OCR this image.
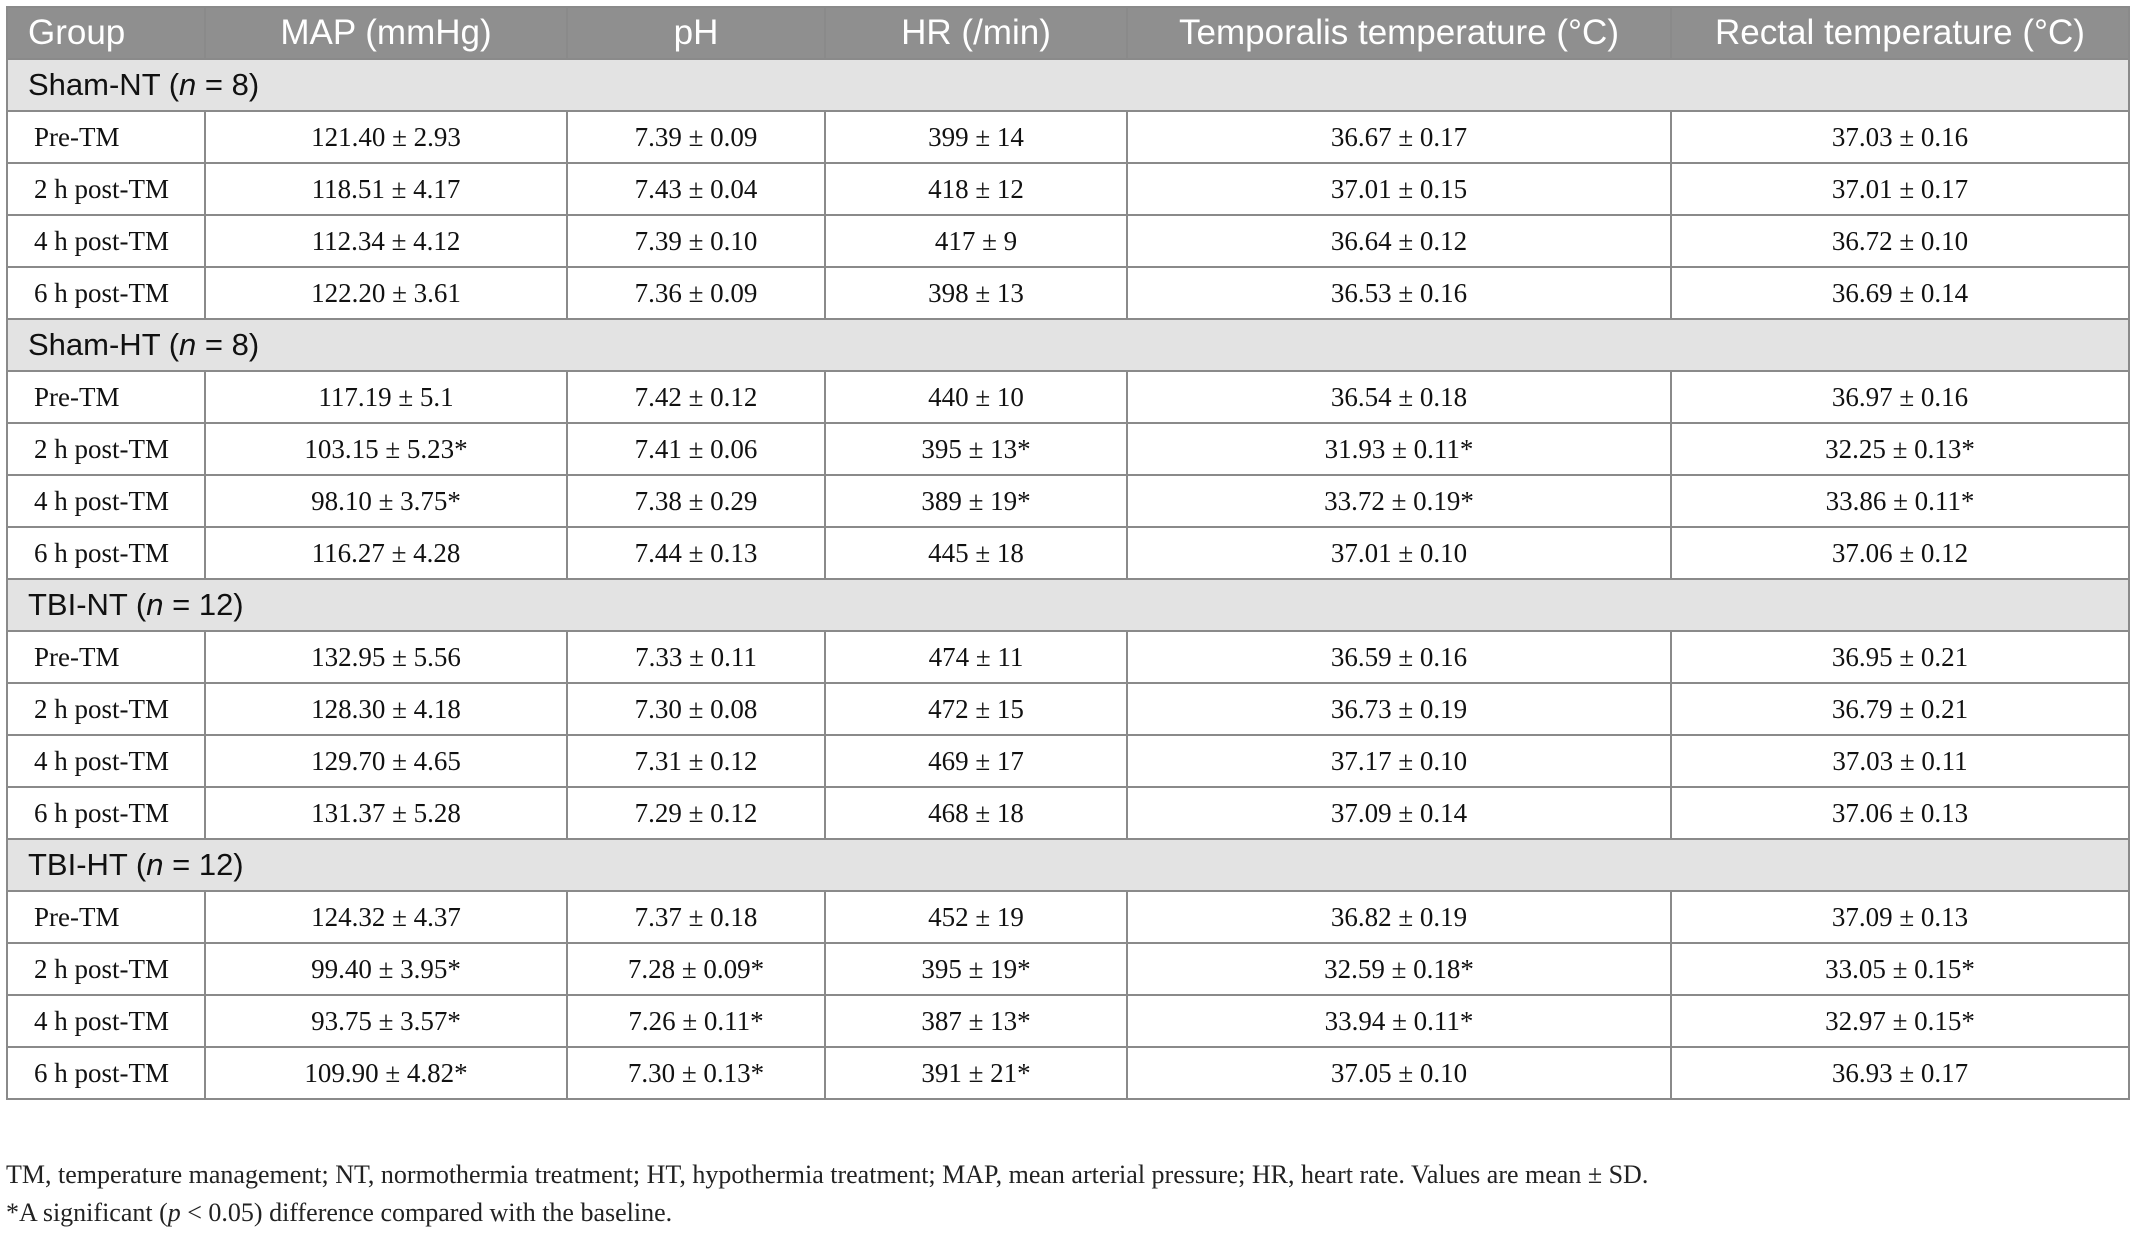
Group	MAP (mmHg)	pH	HR (/min)	Temporalis temperature (°C)	Rectal temperature (°C)
Sham-NT (n = 8)					
Pre-TM	121.40 ± 2.93	7.39 ± 0.09	399 ± 14	36.67 ± 0.17	37.03 ± 0.16
2 h post-TM	118.51 ± 4.17	7.43 ± 0.04	418 ± 12	37.01 ± 0.15	37.01 ± 0.17
4 h post-TM	112.34 ± 4.12	7.39 ± 0.10	417 ± 9	36.64 ± 0.12	36.72 ± 0.10
6 h post-TM	122.20 ± 3.61	7.36 ± 0.09	398 ± 13	36.53 ± 0.16	36.69 ± 0.14
Sham-HT (n = 8)					
Pre-TM	117.19 ± 5.1	7.42 ± 0.12	440 ± 10	36.54 ± 0.18	36.97 ± 0.16
2 h post-TM	103.15 ± 5.23*	7.41 ± 0.06	395 ± 13*	31.93 ± 0.11*	32.25 ± 0.13*
4 h post-TM	98.10 ± 3.75*	7.38 ± 0.29	389 ± 19*	33.72 ± 0.19*	33.86 ± 0.11*
6 h post-TM	116.27 ± 4.28	7.44 ± 0.13	445 ± 18	37.01 ± 0.10	37.06 ± 0.12
TBI-NT (n = 12)					
Pre-TM	132.95 ± 5.56	7.33 ± 0.11	474 ± 11	36.59 ± 0.16	36.95 ± 0.21
2 h post-TM	128.30 ± 4.18	7.30 ± 0.08	472 ± 15	36.73 ± 0.19	36.79 ± 0.21
4 h post-TM	129.70 ± 4.65	7.31 ± 0.12	469 ± 17	37.17 ± 0.10	37.03 ± 0.11
6 h post-TM	131.37 ± 5.28	7.29 ± 0.12	468 ± 18	37.09 ± 0.14	37.06 ± 0.13
TBI-HT (n = 12)					
Pre-TM	124.32 ± 4.37	7.37 ± 0.18	452 ± 19	36.82 ± 0.19	37.09 ± 0.13
2 h post-TM	99.40 ± 3.95*	7.28 ± 0.09*	395 ± 19*	32.59 ± 0.18*	33.05 ± 0.15*
4 h post-TM	93.75 ± 3.57*	7.26 ± 0.11*	387 ± 13*	33.94 ± 0.11*	32.97 ± 0.15*
6 h post-TM	109.90 ± 4.82*	7.30 ± 0.13*	391 ± 21*	37.05 ± 0.10	36.93 ± 0.17
TM, temperature management; NT, normothermia treatment; HT, hypothermia treatment; MAP, mean arterial pressure; HR, heart rate. Values are mean ± SD.
*A significant (p < 0.05) difference compared with the baseline.
